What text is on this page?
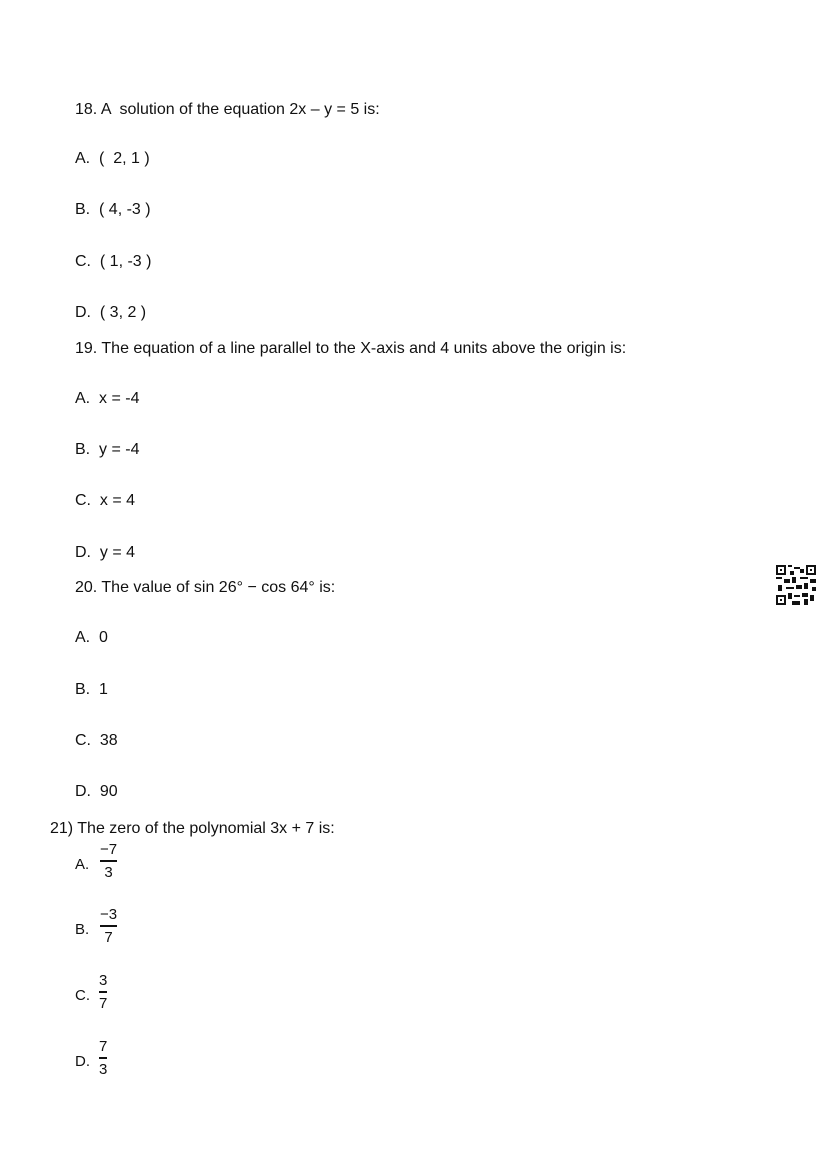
18. A  solution of the equation 2x – y = 5 is:
A. (  2, 1 )
B. ( 4, -3 )
C. ( 1, -3 )
D. ( 3, 2 )
19. The equation of a line parallel to the X-axis and 4 units above the origin is:
A. x = -4
B. y = -4
C. x = 4
D. y = 4
20. The value of sin 26° − cos 64° is:
A. 0
B. 1
C. 38
D. 90
21) The zero of the polynomial 3x + 7 is:
A.
−7
3
B.
−3
7
C.
3
7
D.
7
3
